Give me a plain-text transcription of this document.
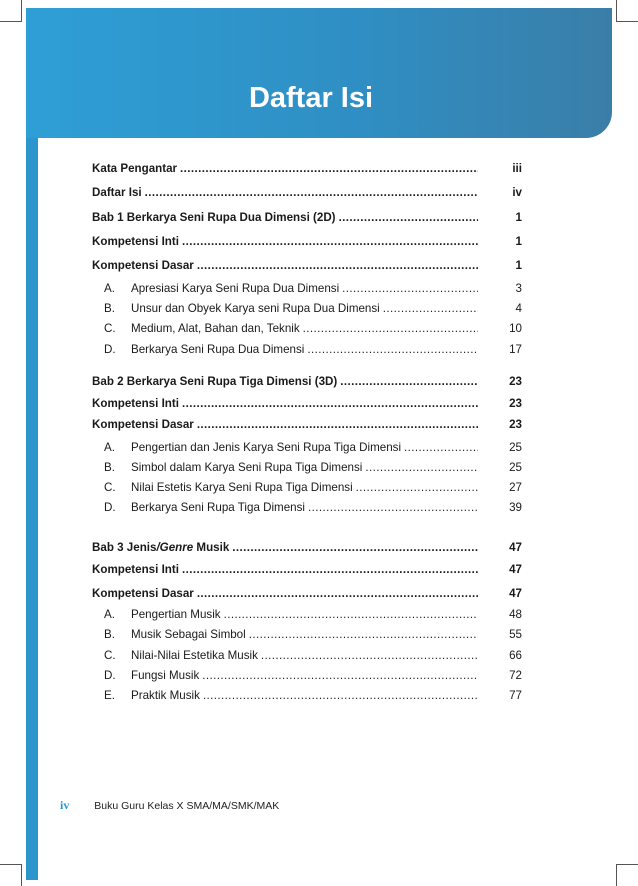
Daftar Isi
Kata Pengantar .....	iii
Daftar Isi .....	iv
Bab 1 Berkarya Seni Rupa Dua Dimensi (2D) .....	1
Kompetensi Inti .....	1
Kompetensi Dasar .....	1
A.	Apresiasi Karya Seni Rupa Dua Dimensi .....	3
B.	Unsur dan Obyek Karya seni Rupa Dua Dimensi .....	4
C.	Medium, Alat, Bahan dan, Teknik .....	10
D.	Berkarya Seni Rupa Dua Dimensi .....	17
Bab 2 Berkarya Seni Rupa Tiga Dimensi (3D) .....	23
Kompetensi Inti .....	23
Kompetensi Dasar .....	23
A.	Pengertian dan Jenis Karya Seni Rupa Tiga Dimensi .....	25
B.	Simbol dalam Karya Seni Rupa Tiga Dimensi .....	25
C.	Nilai Estetis Karya Seni Rupa Tiga Dimensi .....	27
D.	Berkarya Seni Rupa Tiga Dimensi .....	39
Bab 3 Jenis/Genre Musik .....	47
Kompetensi Inti .....	47
Kompetensi Dasar .....	47
A.	Pengertian Musik .....	48
B.	Musik Sebagai Simbol .....	55
C.	Nilai-Nilai Estetika Musik .....	66
D.	Fungsi Musik .....	72
E.	Praktik Musik .....	77
iv Buku Guru Kelas X SMA/MA/SMK/MAK
